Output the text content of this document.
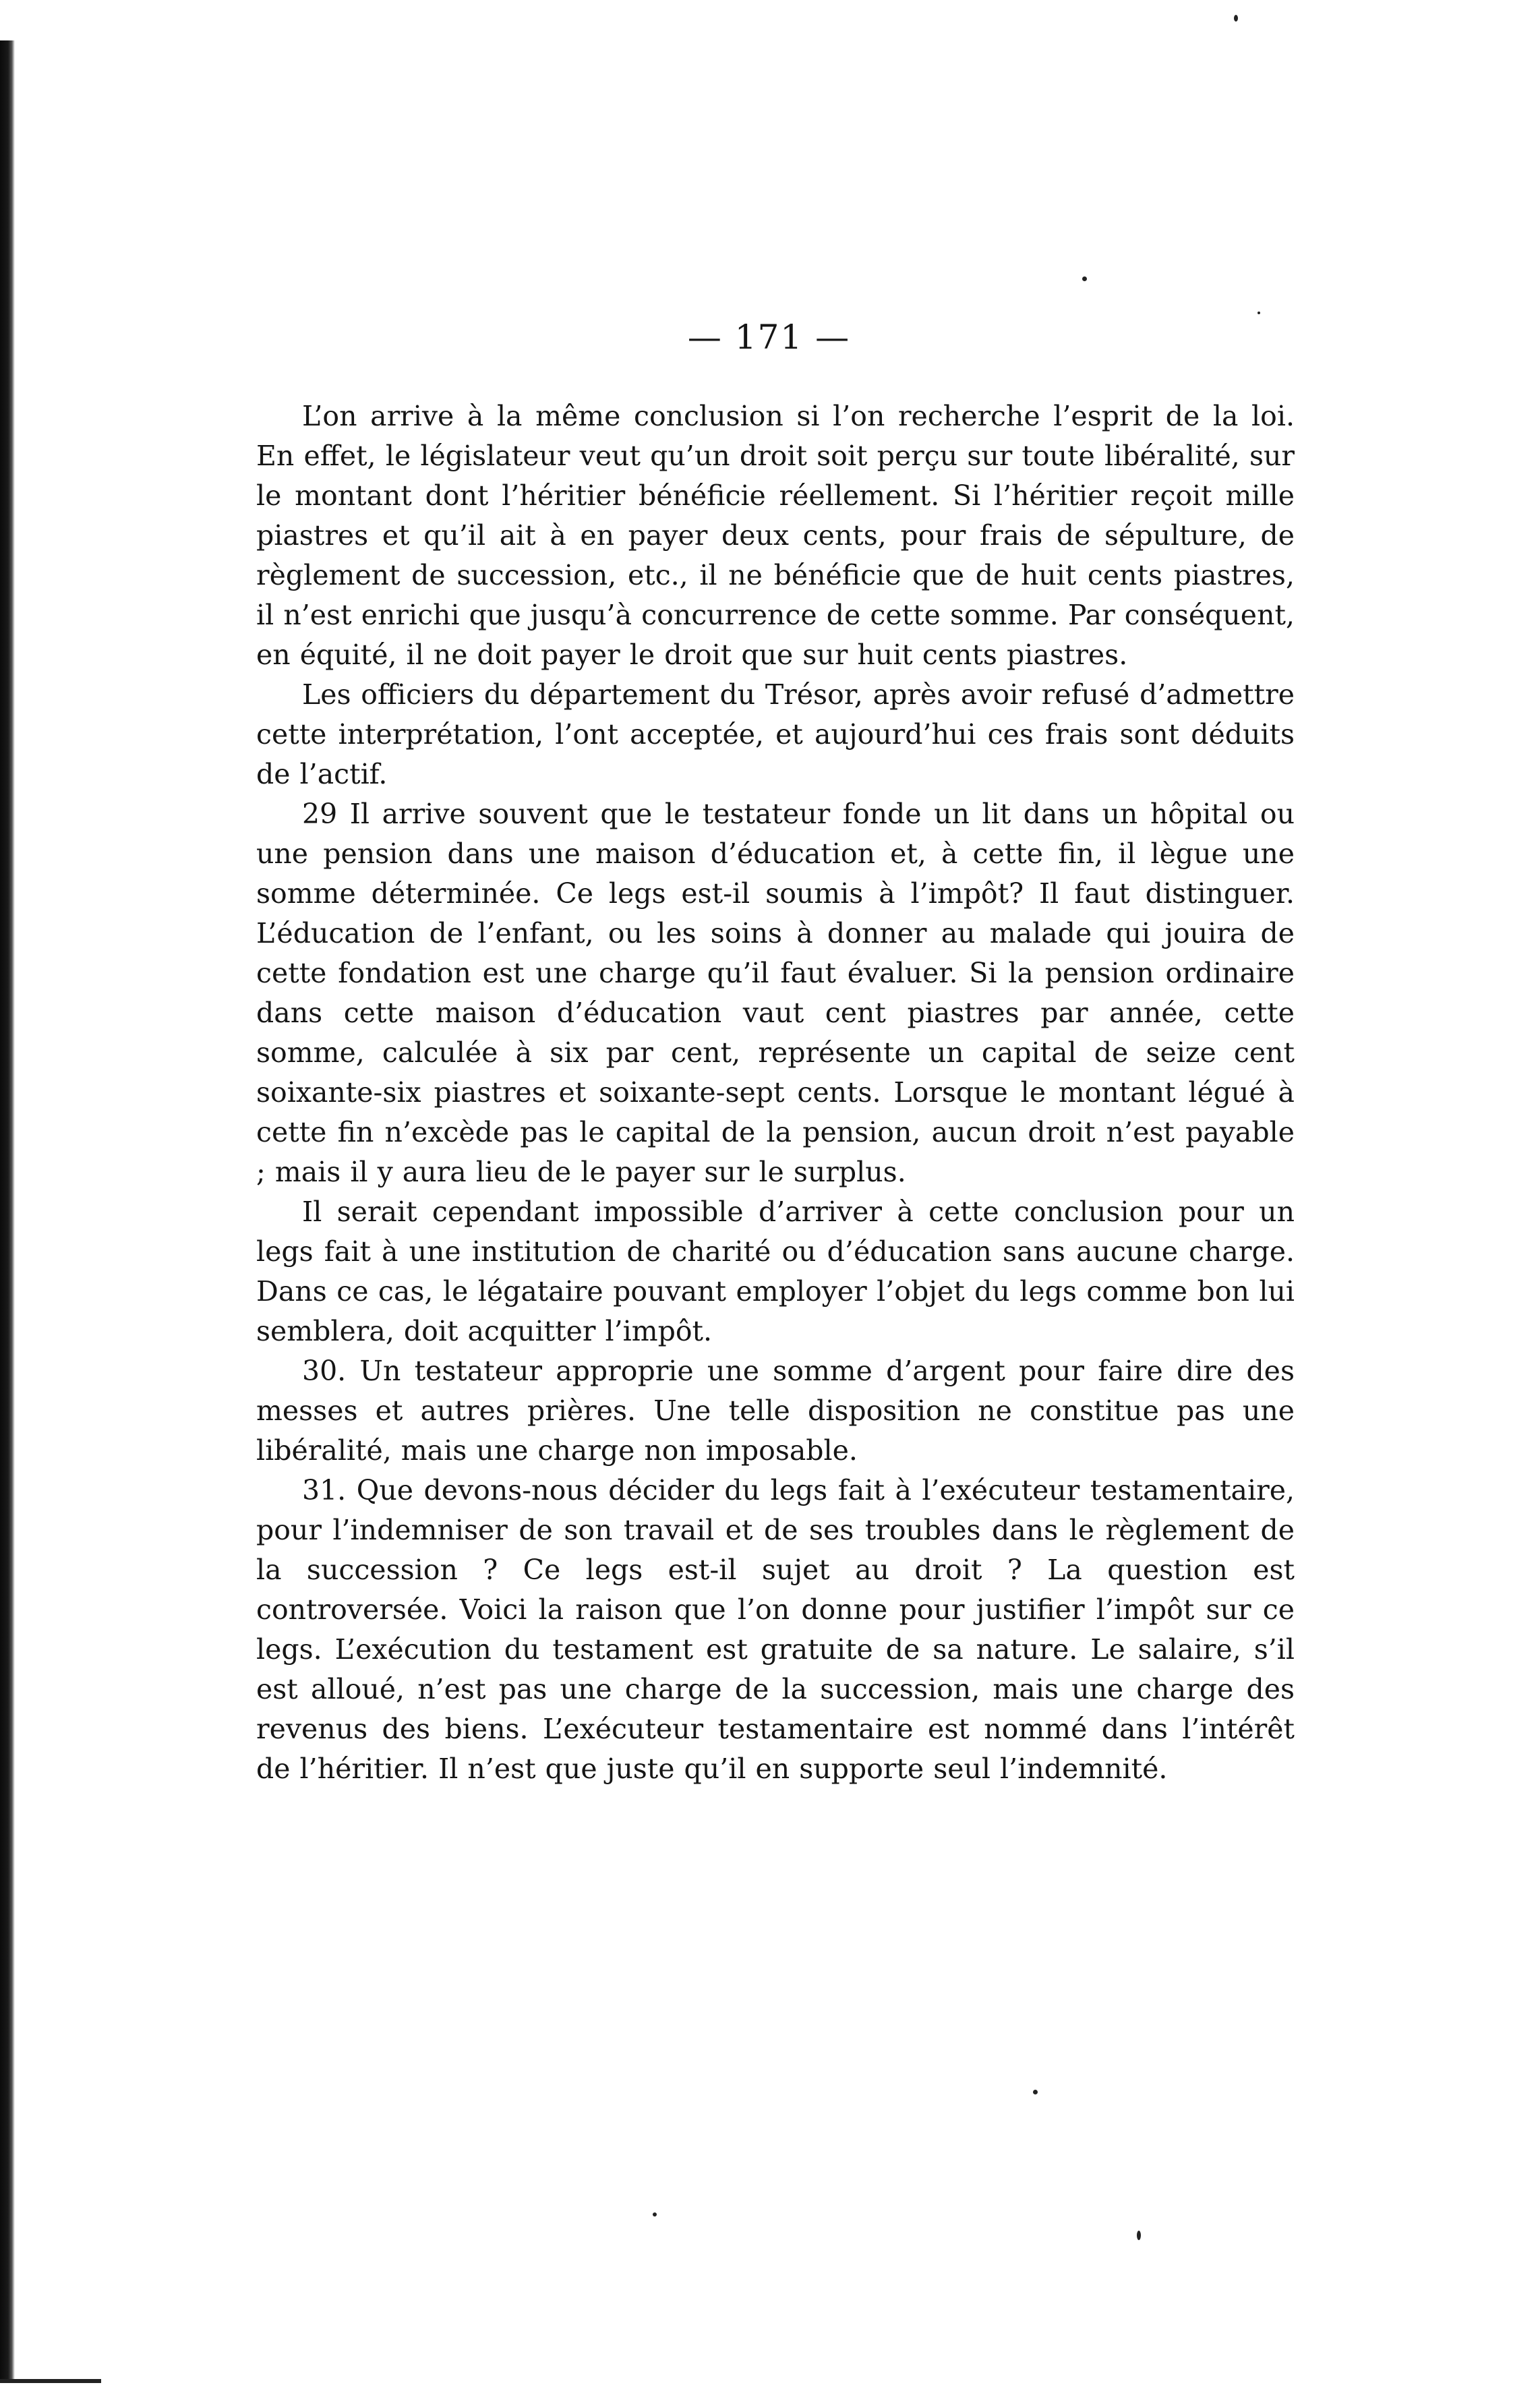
— 171 —

L’on arrive à la même conclusion si l’on recherche l’esprit de la loi. En effet, le législateur veut qu’un droit soit perçu sur toute libéralité, sur le montant dont l’héritier bénéficie réellement. Si l’héritier reçoit mille piastres et qu’il ait à en payer deux cents, pour frais de sépulture, de règlement de succession, etc., il ne bénéficie que de huit cents piastres, il n’est enrichi que jusqu’à concurrence de cette somme. Par conséquent, en équité, il ne doit payer le droit que sur huit cents piastres.

Les officiers du département du Trésor, après avoir refusé d’admettre cette interprétation, l’ont acceptée, et aujourd’hui ces frais sont déduits de l’actif.

29 Il arrive souvent que le testateur fonde un lit dans un hôpital ou une pension dans une maison d’éducation et, à cette fin, il lègue une somme déterminée. Ce legs est-il soumis à l’impôt? Il faut distinguer. L’éducation de l’enfant, ou les soins à donner au malade qui jouira de cette fondation est une charge qu’il faut évaluer. Si la pension ordinaire dans cette maison d’éducation vaut cent piastres par année, cette somme, calculée à six par cent, représente un capital de seize cent soixante-six piastres et soixante-sept cents. Lorsque le montant légué à cette fin n’excède pas le capital de la pension, aucun droit n’est payable ; mais il y aura lieu de le payer sur le surplus.

Il serait cependant impossible d’arriver à cette conclusion pour un legs fait à une institution de charité ou d’éducation sans aucune charge. Dans ce cas, le légataire pouvant employer l’objet du legs comme bon lui semblera, doit acquitter l’impôt.

30. Un testateur approprie une somme d’argent pour faire dire des messes et autres prières. Une telle disposition ne constitue pas une libéralité, mais une charge non imposable.

31. Que devons-nous décider du legs fait à l’exécuteur testamentaire, pour l’indemniser de son travail et de ses troubles dans le règlement de la succession ? Ce legs est-il sujet au droit ? La question est controversée. Voici la raison que l’on donne pour justifier l’impôt sur ce legs. L’exécution du testament est gratuite de sa nature. Le salaire, s’il est alloué, n’est pas une charge de la succession, mais une charge des revenus des biens. L’exécuteur testamentaire est nommé dans l’intérêt de l’héritier. Il n’est que juste qu’il en supporte seul l’indemnité.
